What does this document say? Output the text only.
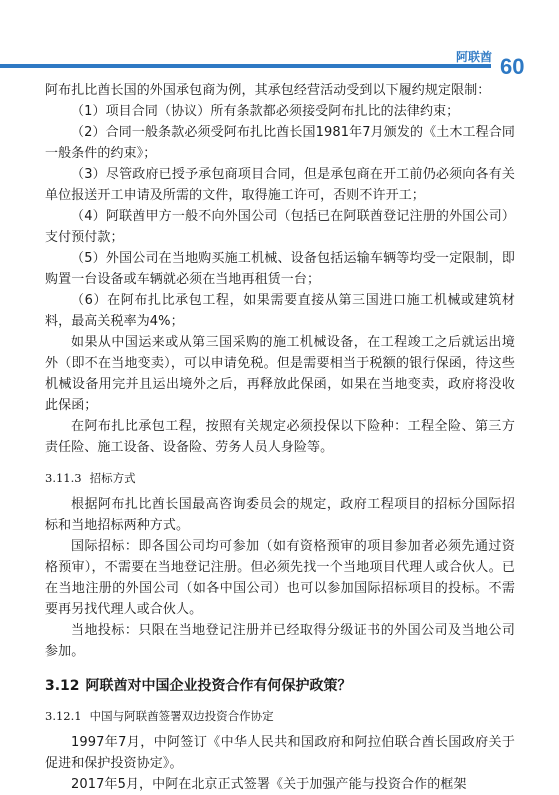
阿联酋 60

阿布扎比酋长国的外国承包商为例，其承包经营活动受到以下履约规定限制：

（1）项目合同（协议）所有条款都必须接受阿布扎比的法律约束；

（2）合同一般条款必须受阿布扎比酋长国1981年7月颁发的《土木工程合同一般条件的约束》；

（3）尽管政府已授予承包商项目合同，但是承包商在开工前仍必须向各有关单位报送开工申请及所需的文件，取得施工许可，否则不许开工；

（4）阿联酋甲方一般不向外国公司（包括已在阿联酋登记注册的外国公司）支付预付款；

（5）外国公司在当地购买施工机械、设备包括运输车辆等均受一定限制，即购置一台设备或车辆就必须在当地再租赁一台；

（6）在阿布扎比承包工程，如果需要直接从第三国进口施工机械或建筑材料，最高关税率为4%；

如果从中国运来或从第三国采购的施工机械设备，在工程竣工之后就运出境外（即不在当地变卖），可以申请免税。但是需要相当于税额的银行保函，待这些机械设备用完并且运出境外之后，再释放此保函，如果在当地变卖，政府将没收此保函；

在阿布扎比承包工程，按照有关规定必须投保以下险种：工程全险、第三方责任险、施工设备、设备险、劳务人员人身险等。

3.11.3 招标方式

根据阿布扎比酋长国最高咨询委员会的规定，政府工程项目的招标分国际招标和当地招标两种方式。

国际招标：即各国公司均可参加（如有资格预审的项目参加者必须先通过资格预审），不需要在当地登记注册。但必须先找一个当地项目代理人或合伙人。已在当地注册的外国公司（如各中国公司）也可以参加国际招标项目的投标。不需要再另找代理人或合伙人。

当地投标：只限在当地登记注册并已经取得分级证书的外国公司及当地公司参加。

3.12 阿联酋对中国企业投资合作有何保护政策？
3.12.1 中国与阿联酋签署双边投资合作协定

1997年7月，中阿签订《中华人民共和国政府和阿拉伯联合酋长国政府关于促进和保护投资协定》。

2017年5月，中阿在北京正式签署《关于加强产能与投资合作的框架
